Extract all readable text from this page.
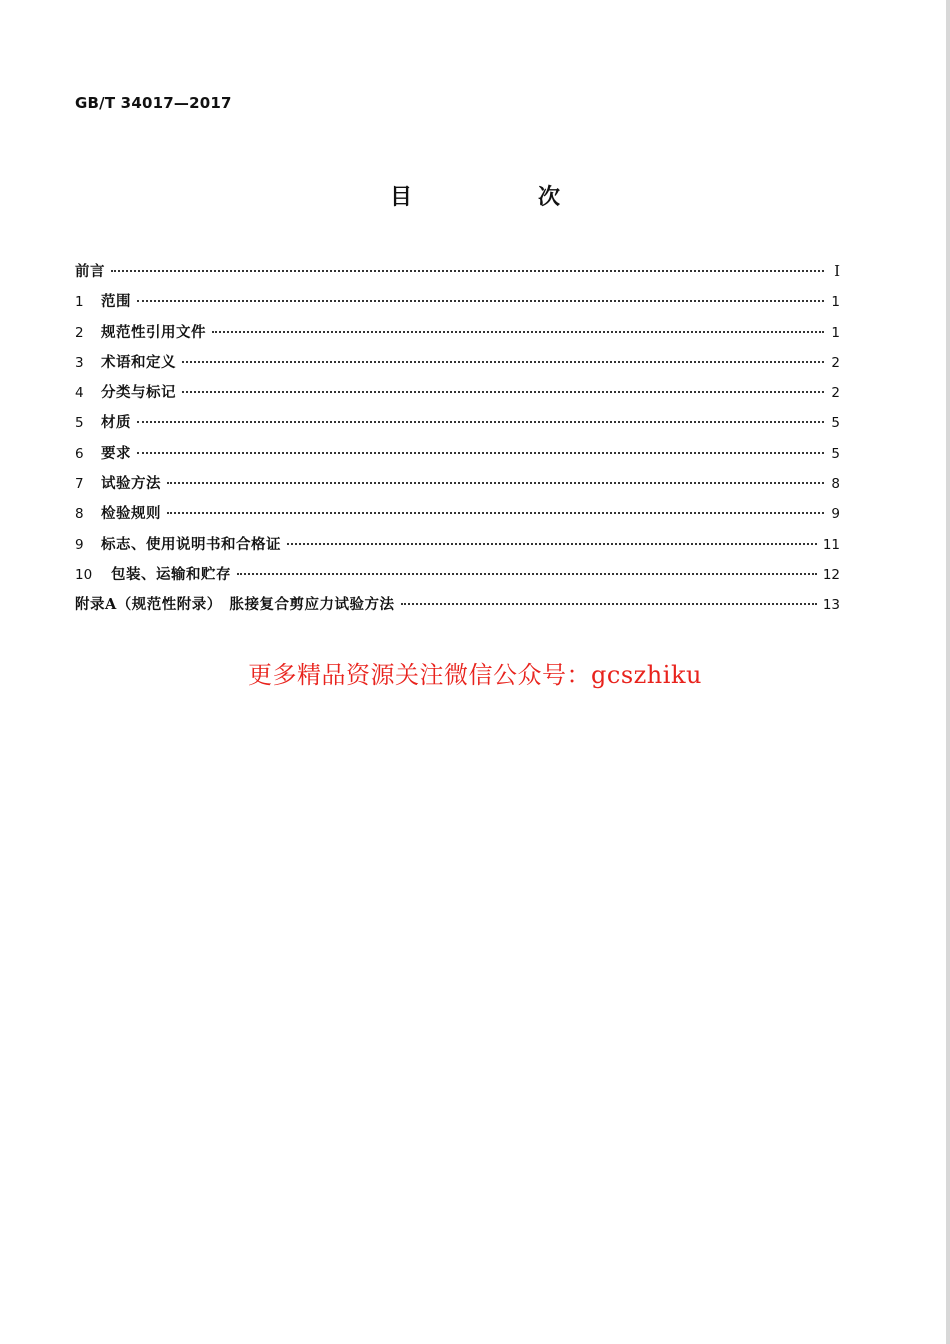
GB/T 34017—2017
目　次
前言	Ⅰ
1	范围	1
2	规范性引用文件	1
3	术语和定义	2
4	分类与标记	2
5	材质	5
6	要求	5
7	试验方法	8
8	检验规则	9
9	标志、使用说明书和合格证	11
10	包装、运输和贮存	12
附录A（规范性附录）　胀接复合剪应力试验方法	13
更多精品资源关注微信公众号：gcszhiku
